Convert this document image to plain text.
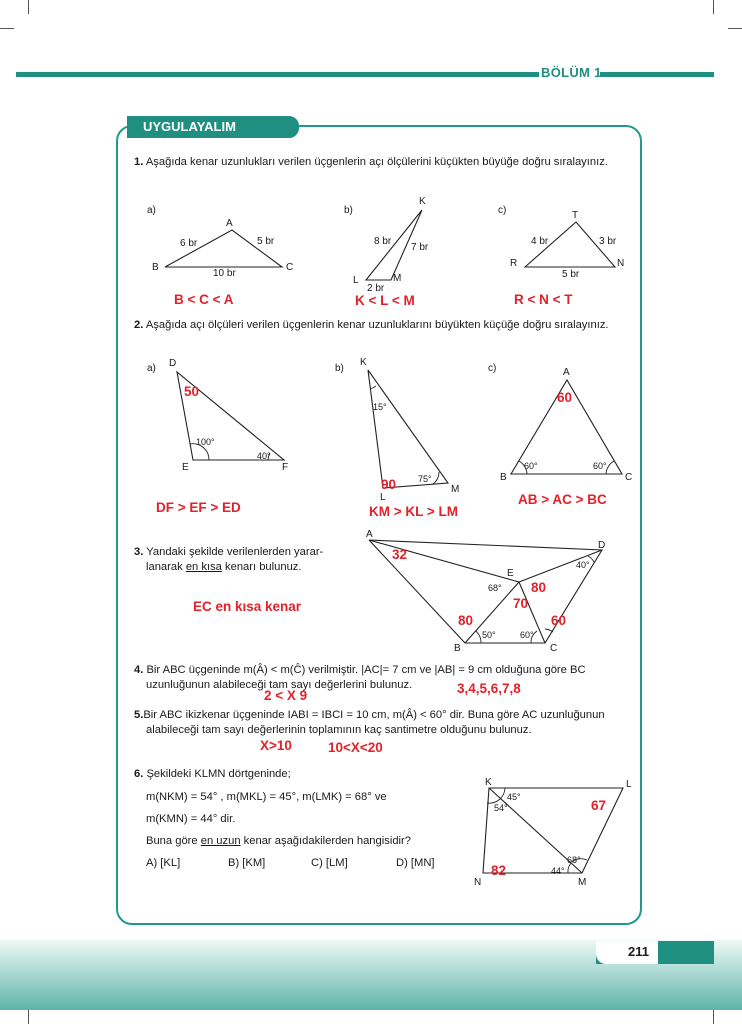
BÖLÜM 1
UYGULAYALIM
1. Aşağıda kenar uzunlukları verilen üçgenlerin açı ölçülerini küçükten büyüğe doğru sıralayınız.
a)
A
B	C
6 br	5 br
10 br
B < C < A
b)
K
L	M
8 br
7 br
2 br
K < L < M
c)	T
R	N
4 br	3 br
5 br
R < N < T
2. Aşağıda açı ölçüleri verilen üçgenlerin kenar uzunluklarını büyükten küçüğe doğru sıralayınız.
a) D
E	F
100°
40°
50
DF > EF > ED
b)
K
L
M
15°
75°
90
KM > KL > LM
c)	A
B	C
60°	60°
60
AB > AC > BC
3. Yandaki şekilde verilenlerden yarar-
lanarak en kısa kenarı bulunuz.
EC en kısa kenar
A
B	C
D
E
68°
40°
50°	60°
32
80
70
80	60
4. Bir ABC üçgeninde m(Â) < m(Ĉ) verilmiştir. |AC|= 7 cm ve |AB| = 9 cm olduğuna göre BC
uzunluğunun alabileceği tam sayı değerlerini bulunuz.
2 < X 9	3,4,5,6,7,8
5.Bir ABC ikizkenar üçgeninde IABI = IBCI = 10 cm, m(Â) < 60° dir. Buna göre AC uzunluğunun
alabileceği tam sayı değerlerinin toplamının kaç santimetre olduğunu bulunuz.
X>10	10<X<20
6. Şekildeki KLMN dörtgeninde;
m(NKM) = 54° , m(MKL) = 45°, m(LMK) = 68° ve
m(KMN) = 44° dir.
Buna göre en uzun kenar aşağıdakilerden hangisidir?
A) [KL]	B) [KM]	C) [LM]	D) [MN]
K	L
M
N
45°
54°
68°
44°
67
82
211
